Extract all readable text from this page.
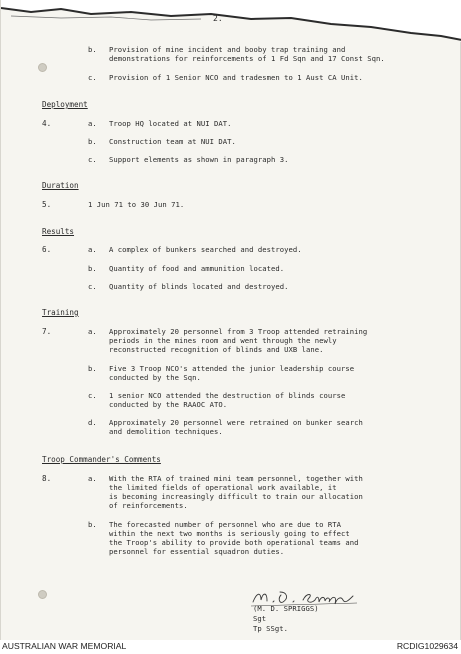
2.
b. Provision of mine incident and booby trap training and
demonstrations for reinforcements of 1 Fd Sqn and 17 Const Sqn.
c. Provision of 1 Senior NCO and tradesmen to 1 Aust CA Unit.
Deployment
4.	a. Troop HQ located at NUI DAT.
b. Construction team at NUI DAT.
c. Support elements as shown in paragraph 3.
Duration
5.	1 Jun 71 to 30 Jun 71.
Results
6.	a. A complex of bunkers searched and destroyed.
b. Quantity of food and ammunition located.
c. Quantity of blinds located and destroyed.
Training
7.	a. Approximately 20 personnel from 3 Troop attended retraining
periods in the mines room and went through the newly
reconstructed recognition of blinds and UXB lane.
b. Five 3 Troop NCO's attended the junior leadership course
conducted by the Sqn.
c. 1 senior NCO attended the destruction of blinds course
conducted by the RAAOC ATO.
d. Approximately 20 personnel were retrained on bunker search
and demolition techniques.
Troop Commander's Comments
8.	a. With the RTA of trained mini team personnel, together with
the limited fields of operational work available, it
is becoming increasingly difficult to train our allocation
of reinforcements.
b. The forecasted number of personnel who are due to RTA
within the next two months is seriously going to effect
the Troop's ability to provide both operational teams and
personnel for essential squadron duties.
(M. D. SPRIGGS)
Sgt
Tp SSgt.
AUSTRALIAN WAR MEMORIAL	RCDIG1029634
